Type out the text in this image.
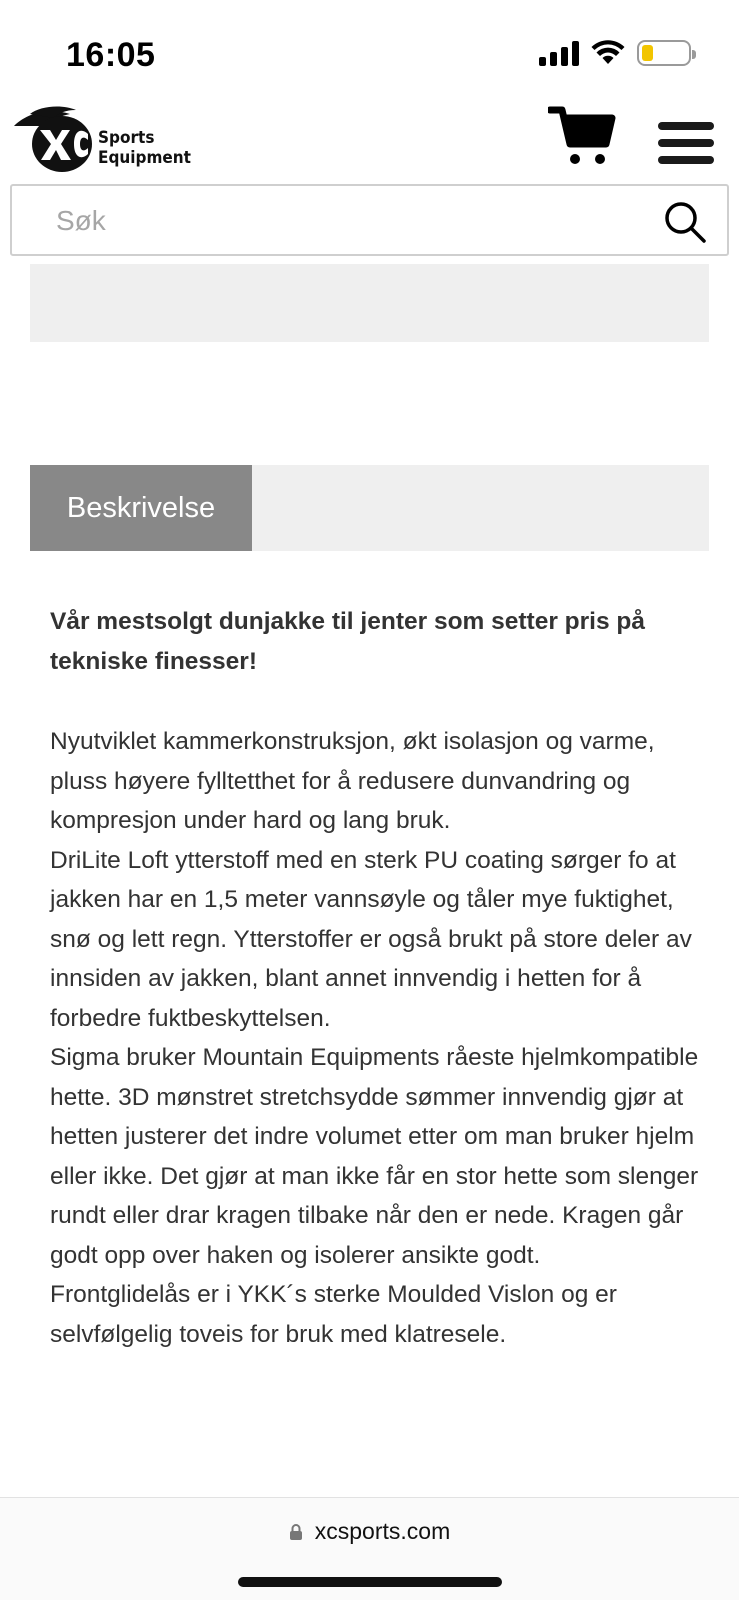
16:05
Sports
Equipment
Søk
Beskrivelse

Vår mestsolgt dunjakke til jenter som setter pris på tekniske finesser!

Nyutviklet kammerkonstruksjon, økt isolasjon og varme, pluss høyere fylltetthet for å redusere dunvandring og kompresjon under hard og lang bruk.

DriLite Loft ytterstoff med en sterk PU coating sørger fo at jakken har en 1,5 meter vannsøyle og tåler mye fuktighet, snø og lett regn. Ytterstoffer er også brukt på store deler av innsiden av jakken, blant annet innvendig i hetten for å forbedre fuktbeskyttelsen.

Sigma bruker Mountain Equipments råeste hjelmkompatible hette. 3D mønstret stretchsydde sømmer innvendig gjør at hetten justerer det indre volumet etter om man bruker hjelm eller ikke. Det gjør at man ikke får en stor hette som slenger rundt eller drar kragen tilbake når den er nede. Kragen går godt opp over haken og isolerer ansikte godt.

Frontglidelås er i YKK´s sterke Moulded Vislon og er selvfølgelig toveis for bruk med klatresele.

xcsports.com
